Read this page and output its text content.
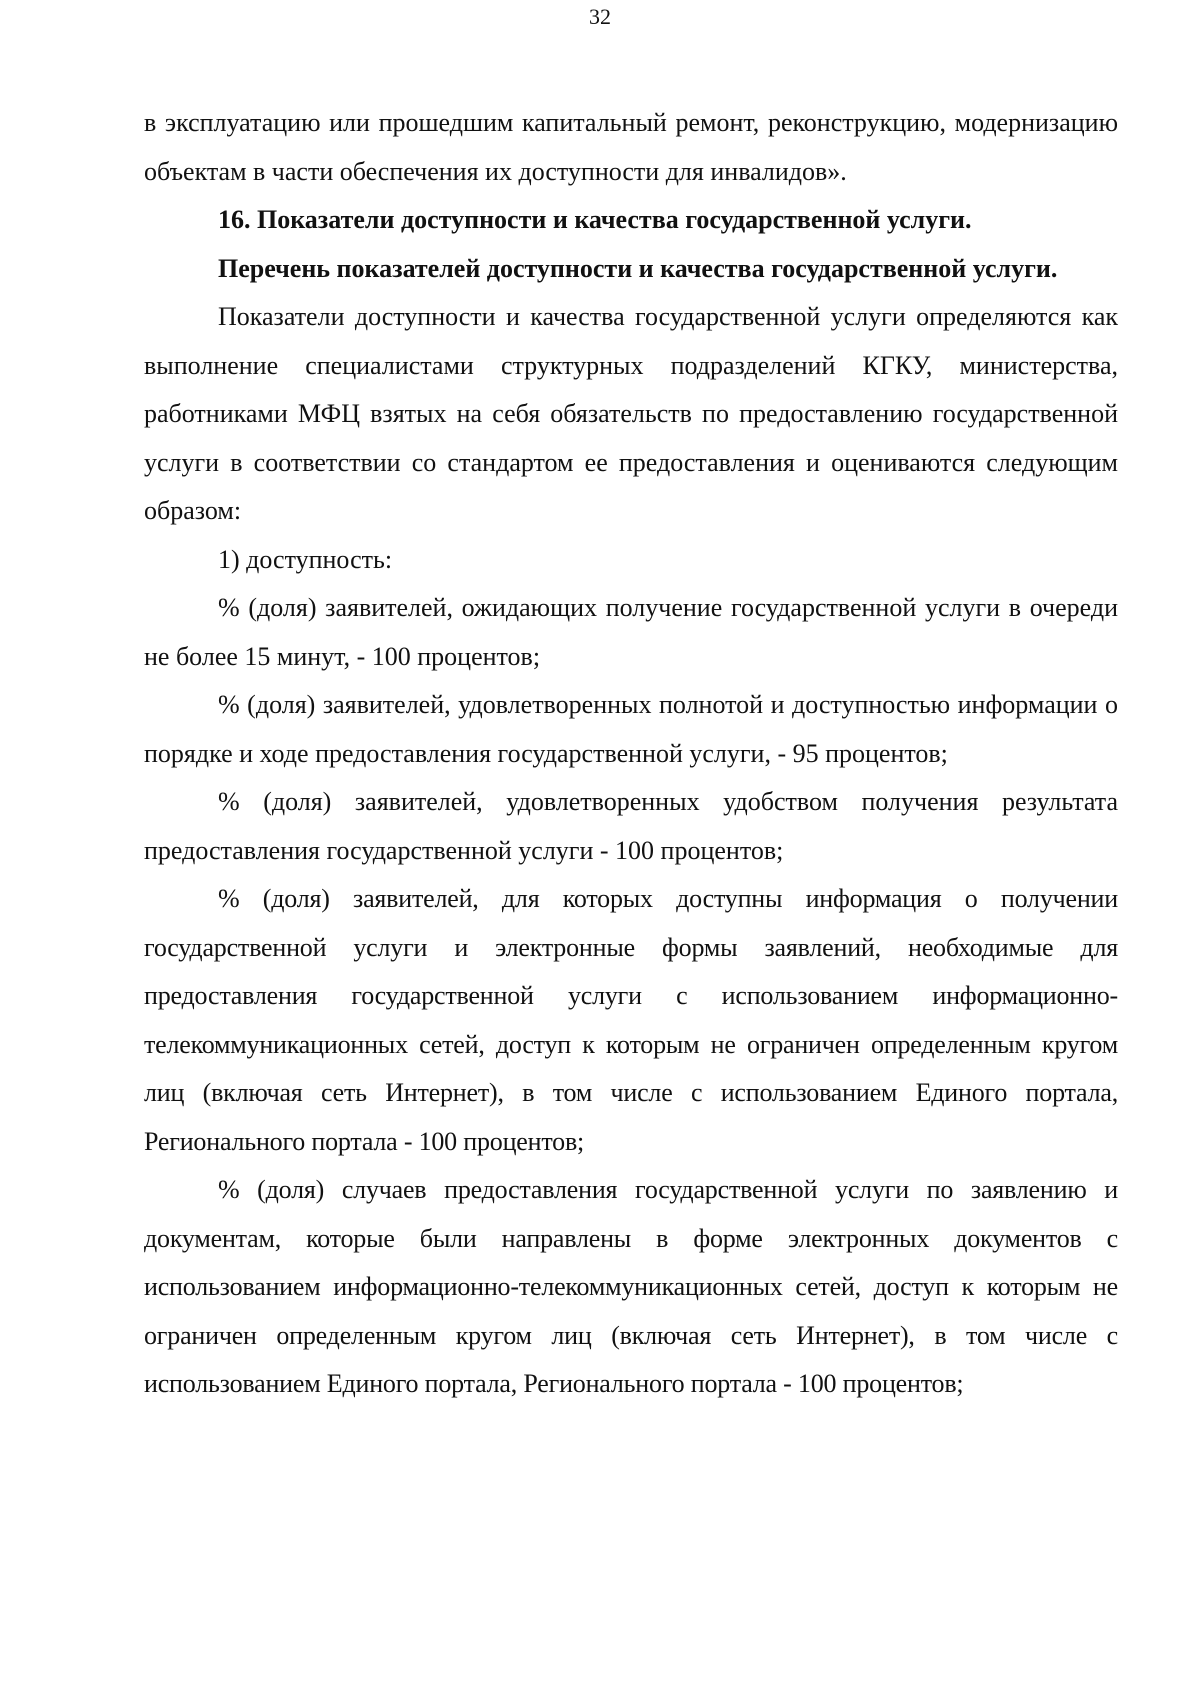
32

в эксплуатацию или прошедшим капитальный ремонт, реконструкцию, модернизацию объектам в части обеспечения их доступности для инвалидов».

16. Показатели доступности и качества государственной услуги.

Перечень показателей доступности и качества государственной услуги.

Показатели доступности и качества государственной услуги определяются как выполнение специалистами структурных подразделений КГКУ, министерства, работниками МФЦ взятых на себя обязательств по предоставлению государственной услуги в соответствии со стандартом ее предоставления и оцениваются следующим образом:

1) доступность:

% (доля) заявителей, ожидающих получение государственной услуги в очереди не более 15 минут, - 100 процентов;

% (доля) заявителей, удовлетворенных полнотой и доступностью информации о порядке и ходе предоставления государственной услуги, - 95 процентов;

% (доля) заявителей, удовлетворенных удобством получения результата предоставления государственной услуги - 100 процентов;

% (доля) заявителей, для которых доступны информация о получении государственной услуги и электронные формы заявлений, необходимые для предоставления государственной услуги с использованием информационно-телекоммуникационных сетей, доступ к которым не ограничен определенным кругом лиц (включая сеть Интернет), в том числе с использованием Единого портала, Регионального портала - 100 процентов;

% (доля) случаев предоставления государственной услуги по заявлению и документам, которые были направлены в форме электронных документов с использованием информационно-телекоммуникационных сетей, доступ к которым не ограничен определенным кругом лиц (включая сеть Интернет), в том числе с использованием Единого портала, Регионального портала - 100 процентов;
